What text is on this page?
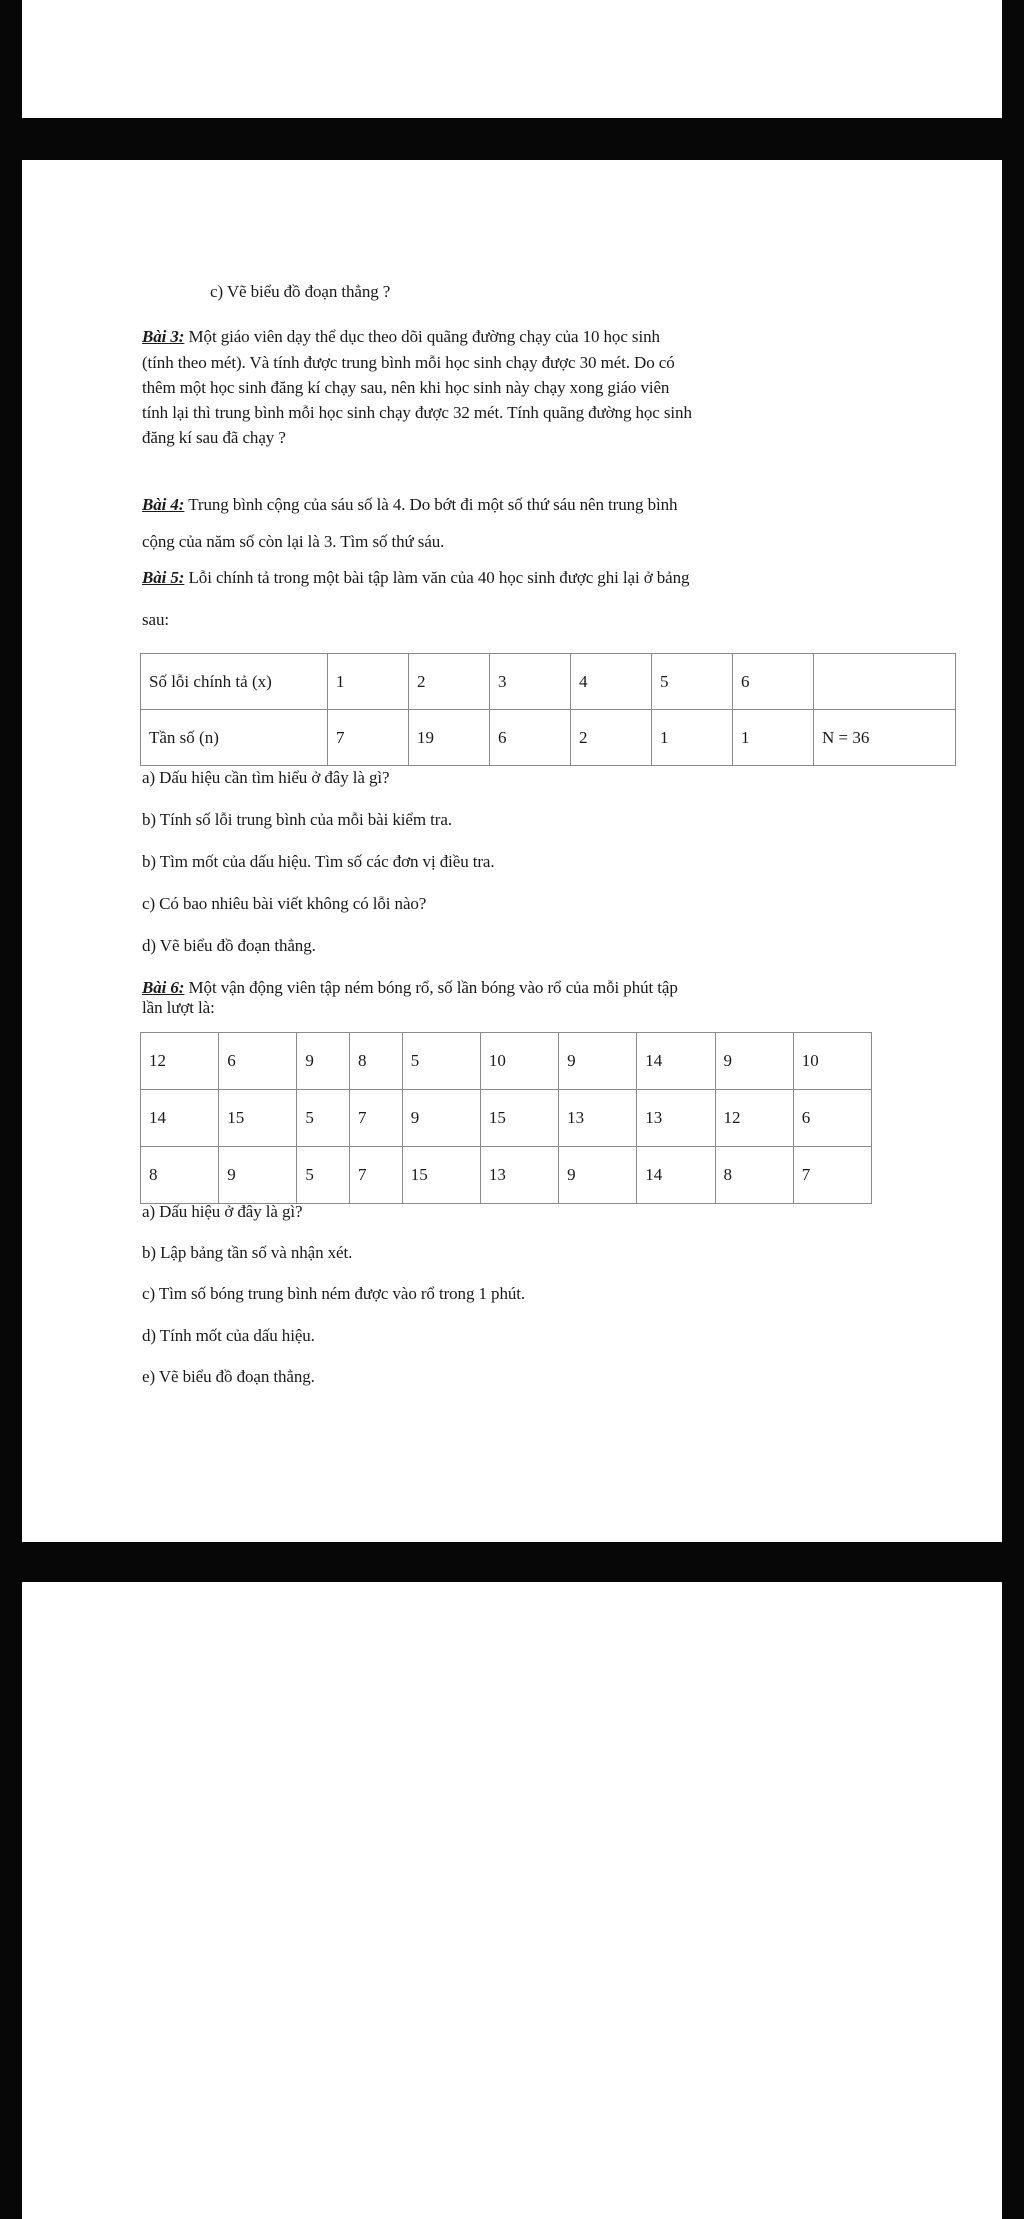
c) Vẽ biểu đồ đoạn thẳng ?
Bài 3: Một giáo viên dạy thể dục theo dõi quãng đường chạy của 10 học sinh
(tính theo mét). Và tính được trung bình mỗi học sinh chạy được 30 mét. Do có
thêm một học sinh đăng kí chạy sau, nên khi học sinh này chạy xong giáo viên
tính lại thì trung bình mỗi học sinh chạy được 32 mét. Tính quãng đường học sinh
đăng kí sau đã chạy ?
Bài 4: Trung bình cộng của sáu số là 4. Do bớt đi một số thứ sáu nên trung bình
cộng của năm số còn lại là 3. Tìm số thứ sáu.
Bài 5: Lỗi chính tả trong một bài tập làm văn của 40 học sinh được ghi lại ở bảng
sau:
Số lỗi chính tả (x)	1	2	3	4	5	6	
Tần số (n)	7	19	6	2	1	1	N = 36
a) Dấu hiệu cần tìm hiểu ở đây là gì?
b) Tính số lỗi trung bình của mỗi bài kiểm tra.
b) Tìm mốt của dấu hiệu. Tìm số các đơn vị điều tra.
c) Có bao nhiêu bài viết không có lỗi nào?
d) Vẽ biểu đồ đoạn thẳng.
Bài 6: Một vận động viên tập ném bóng rổ, số lần bóng vào rổ của mỗi phút tập
lần lượt là:
12	6	9	8	5	10	9	14	9	10
14	15	5	7	9	15	13	13	12	6
8	9	5	7	15	13	9	14	8	7
a) Dấu hiệu ở đây là gì?
b) Lập bảng tần số và nhận xét.
c) Tìm số bóng trung bình ném được vào rổ trong 1 phút.
d) Tính mốt của dấu hiệu.
e) Vẽ biểu đồ đoạn thẳng.
